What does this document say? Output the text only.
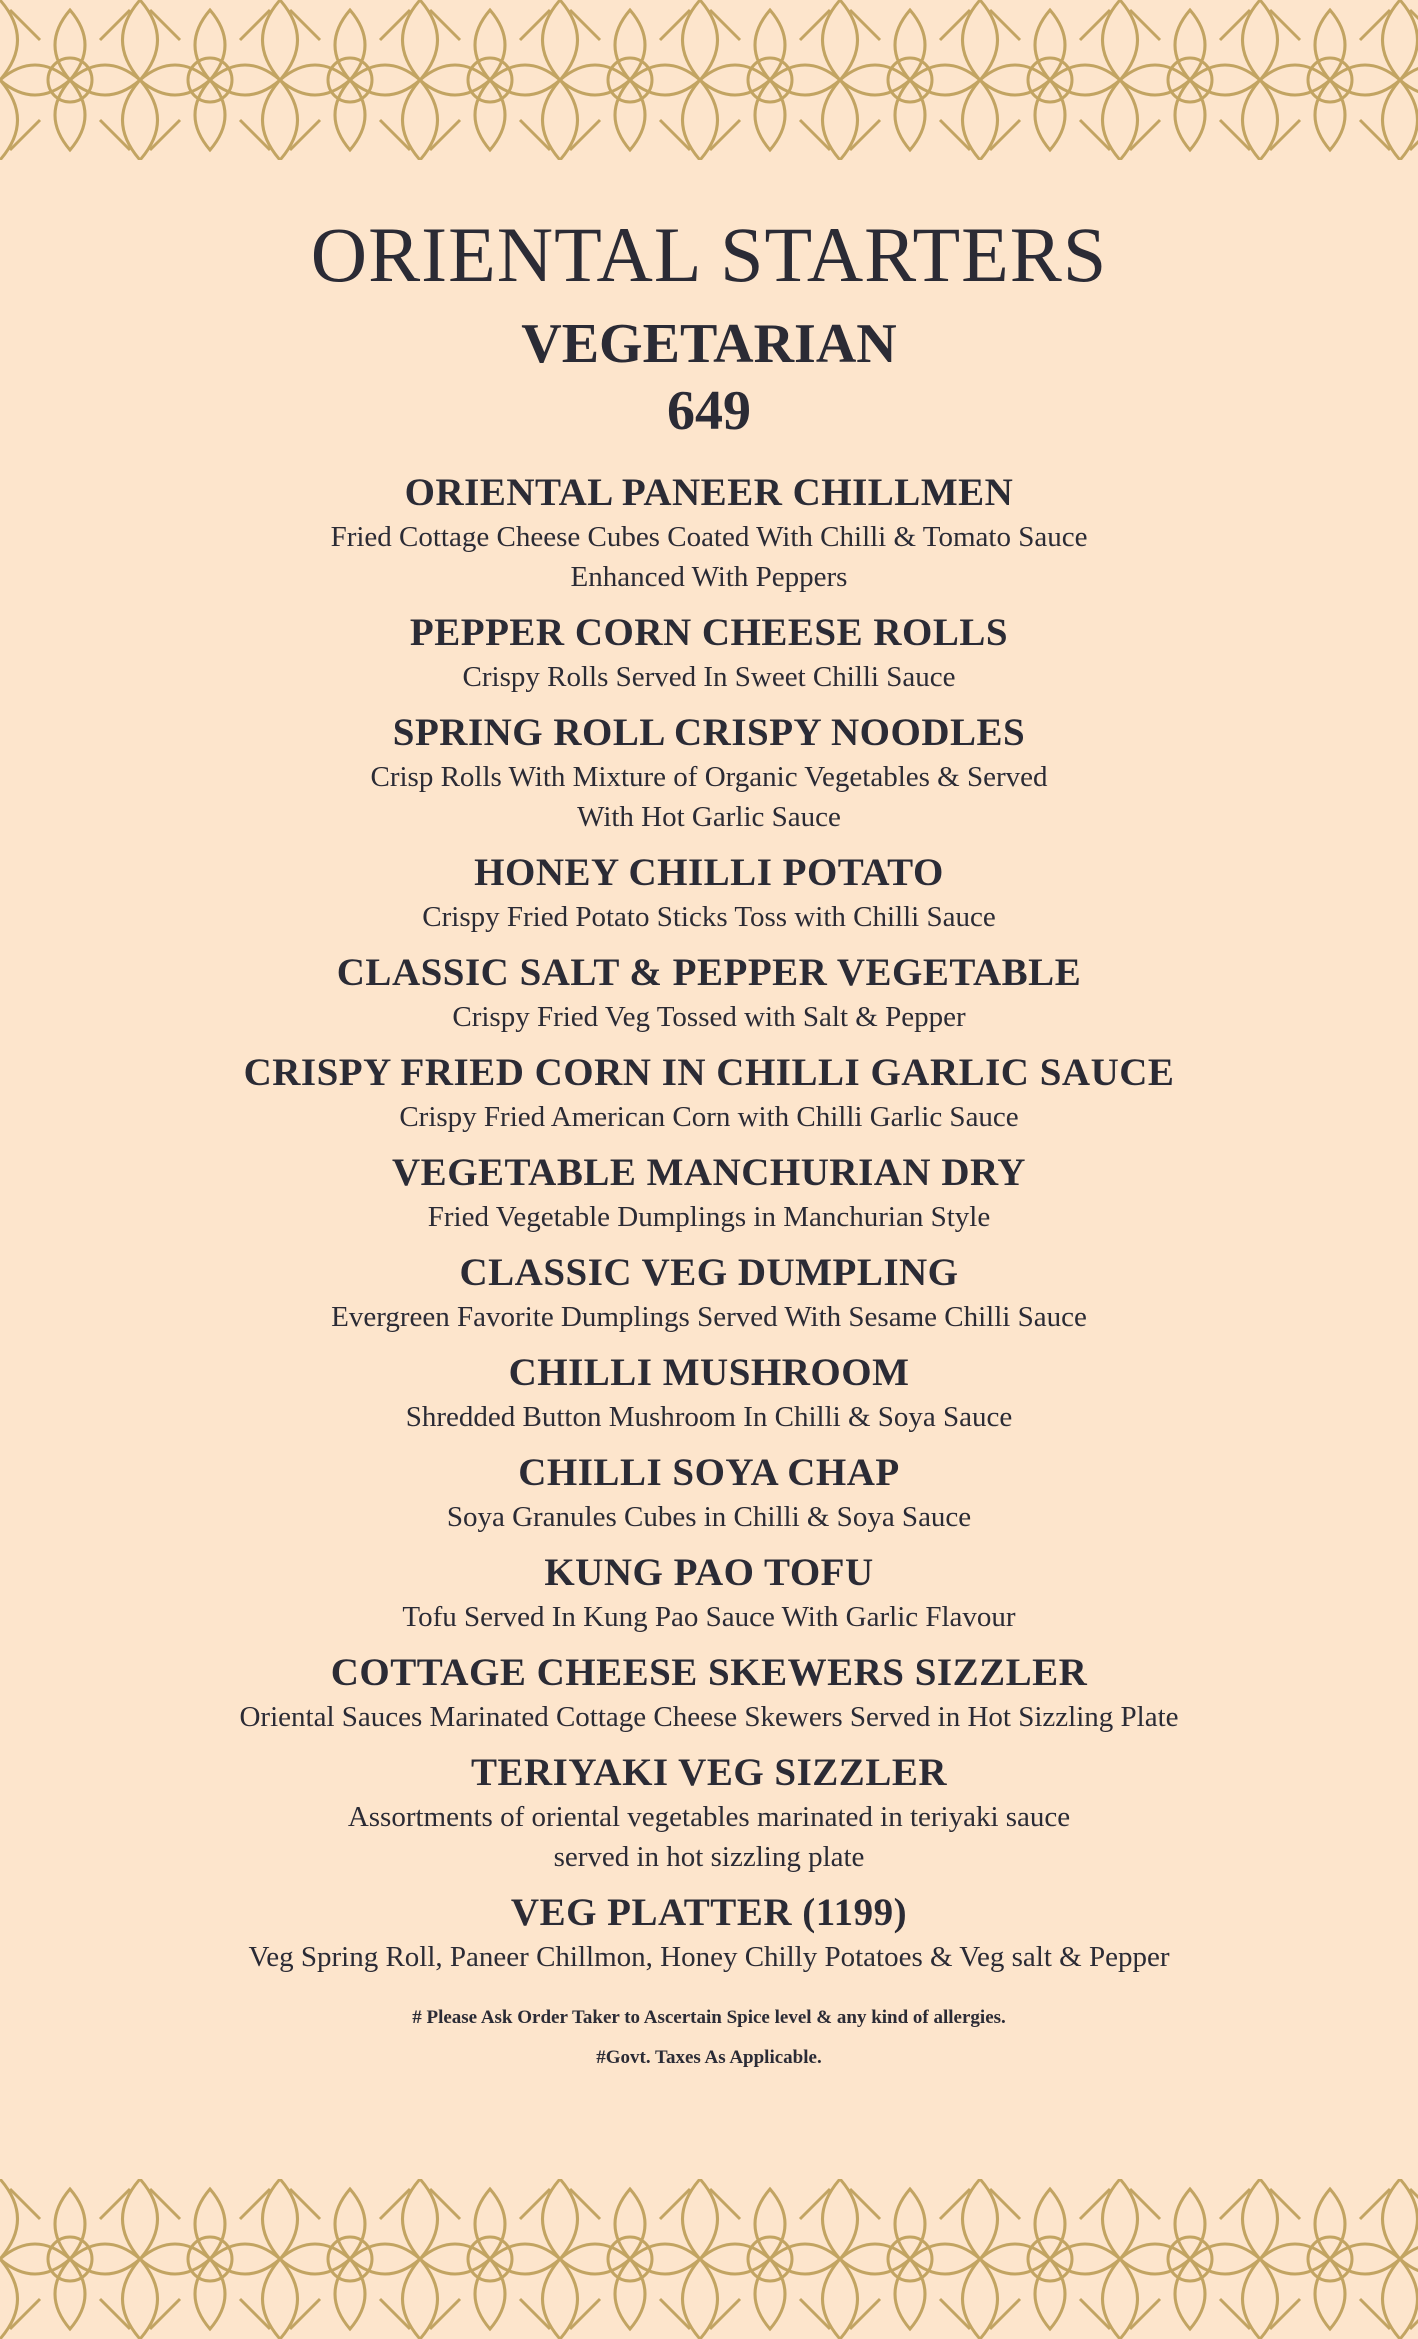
ORIENTAL STARTERS
VEGETARIAN
649
ORIENTAL PANEER CHILLMEN
Fried Cottage Cheese Cubes Coated With Chilli & Tomato Sauce
Enhanced With Peppers
PEPPER CORN CHEESE ROLLS
Crispy Rolls Served In Sweet Chilli Sauce
SPRING ROLL CRISPY NOODLES
Crisp Rolls With Mixture of Organic Vegetables & Served
With Hot Garlic Sauce
HONEY CHILLI POTATO
Crispy Fried Potato Sticks Toss with Chilli Sauce
CLASSIC SALT & PEPPER VEGETABLE
Crispy Fried Veg Tossed with Salt & Pepper
CRISPY FRIED CORN IN CHILLI GARLIC SAUCE
Crispy Fried American Corn with Chilli Garlic Sauce
VEGETABLE MANCHURIAN DRY
Fried Vegetable Dumplings in Manchurian Style
CLASSIC VEG DUMPLING
Evergreen Favorite Dumplings Served With Sesame Chilli Sauce
CHILLI MUSHROOM
Shredded Button Mushroom In Chilli & Soya Sauce
CHILLI SOYA CHAP
Soya Granules Cubes in Chilli & Soya Sauce
KUNG PAO TOFU
Tofu Served In Kung Pao Sauce With Garlic Flavour
COTTAGE CHEESE SKEWERS SIZZLER
Oriental Sauces Marinated Cottage Cheese Skewers Served in Hot Sizzling Plate
TERIYAKI VEG SIZZLER
Assortments of oriental vegetables marinated in teriyaki sauce
served in hot sizzling plate
VEG PLATTER (1199)
Veg Spring Roll, Paneer Chillmon, Honey Chilly Potatoes & Veg salt & Pepper
# Please Ask Order Taker to Ascertain Spice level & any kind of allergies.
#Govt. Taxes As Applicable.
